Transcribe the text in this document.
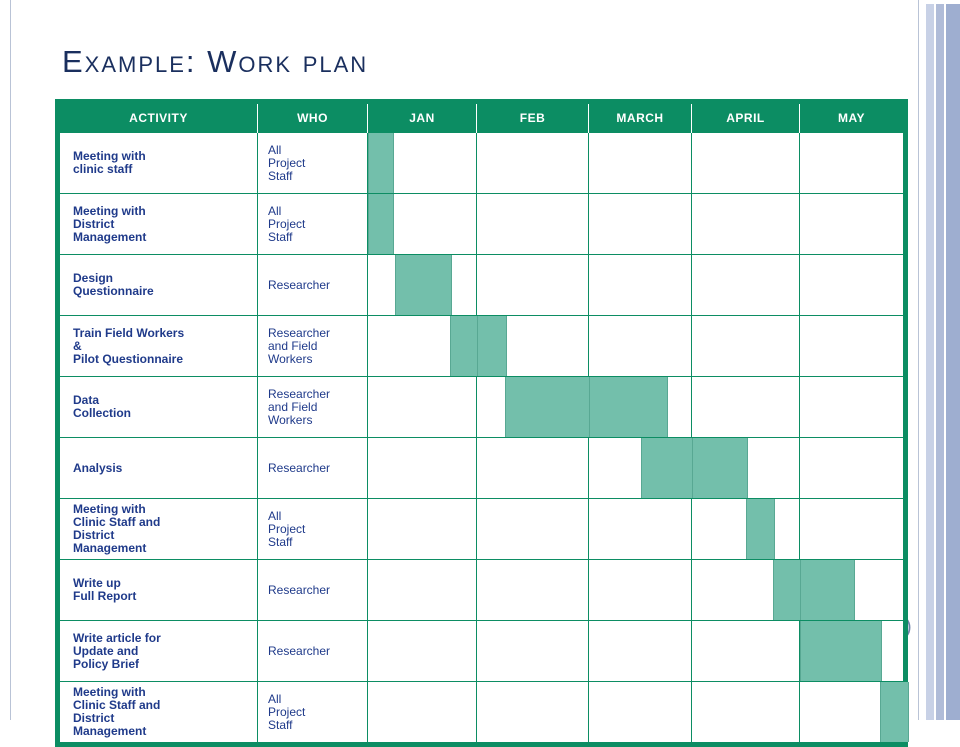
)
Example: Work plan
ACTIVITY	WHO	JAN	FEB	MARCH	APRIL	MAY
Meeting with
clinic staff	All
Project
Staff	

Meeting with
District
Management	All
Project
Staff	

Design
Questionnaire	Researcher	

Train Field Workers
&
Pilot Questionnaire	Researcher
and Field
Workers	

Data
Collection	Researcher
and Field
Workers		

Analysis	Researcher			

Meeting with
Clinic Staff and
District
Management	All
Project
Staff				

Write up
Full Report	Researcher				

Write article for
Update and
Policy Brief	Researcher					

Meeting with
Clinic Staff and
District
Management	All
Project
Staff					
